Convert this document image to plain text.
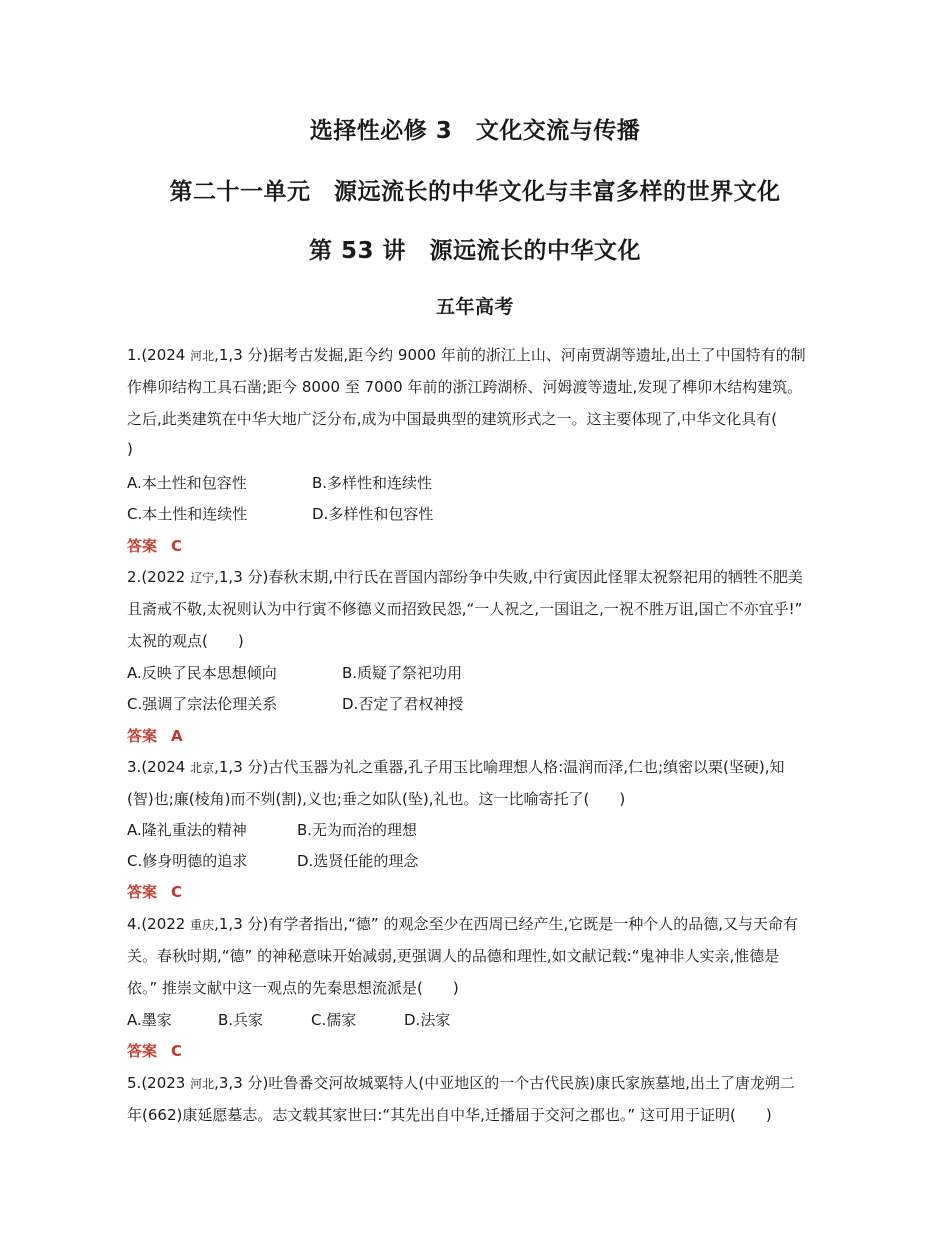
选择性必修 3　文化交流与传播
第二十一单元　源远流长的中华文化与丰富多样的世界文化
第 53 讲　源远流长的中华文化
五年高考
1.(2024 河北,1,3 分)据考古发掘,距今约 9000 年前的浙江上山、河南贾湖等遗址,出土了中国特有的制
作榫卯结构工具石凿;距今 8000 至 7000 年前的浙江跨湖桥、河姆渡等遗址,发现了榫卯木结构建筑。
之后,此类建筑在中华大地广泛分布,成为中国最典型的建筑形式之一。这主要体现了,中华文化具有(
)
A.本土性和包容性	B.多样性和连续性
C.本土性和连续性	D.多样性和包容性
答案 C
2.(2022 辽宁,1,3 分)春秋末期,中行氏在晋国内部纷争中失败,中行寅因此怪罪太祝祭祀用的牺牲不肥美
且斋戒不敬,太祝则认为中行寅不修德义而招致民怨,“一人祝之,一国诅之,一祝不胜万诅,国亡不亦宜乎!”
太祝的观点(　　)
A.反映了民本思想倾向	B.质疑了祭祀功用
C.强调了宗法伦理关系	D.否定了君权神授
答案 A
3.(2024 北京,1,3 分)古代玉器为礼之重器,孔子用玉比喻理想人格:温润而泽,仁也;缜密以栗(坚硬),知
(智)也;廉(棱角)而不刿(割),义也;垂之如队(坠),礼也。这一比喻寄托了(　　)
A.隆礼重法的精神	B.无为而治的理想
C.修身明德的追求	D.选贤任能的理念
答案 C
4.(2022 重庆,1,3 分)有学者指出,“德” 的观念至少在西周已经产生,它既是一种个人的品德,又与天命有
关。春秋时期,“德” 的神秘意味开始减弱,更强调人的品德和理性,如文献记载:“鬼神非人实亲,惟德是
依。” 推崇文献中这一观点的先秦思想流派是(　　)
A.墨家	B.兵家	C.儒家	D.法家
答案 C
5.(2023 河北,3,3 分)吐鲁番交河故城粟特人(中亚地区的一个古代民族)康氏家族墓地,出土了唐龙朔二
年(662)康延愿墓志。志文载其家世曰:“其先出自中华,迁播届于交河之郡也。” 这可用于证明(　　)
